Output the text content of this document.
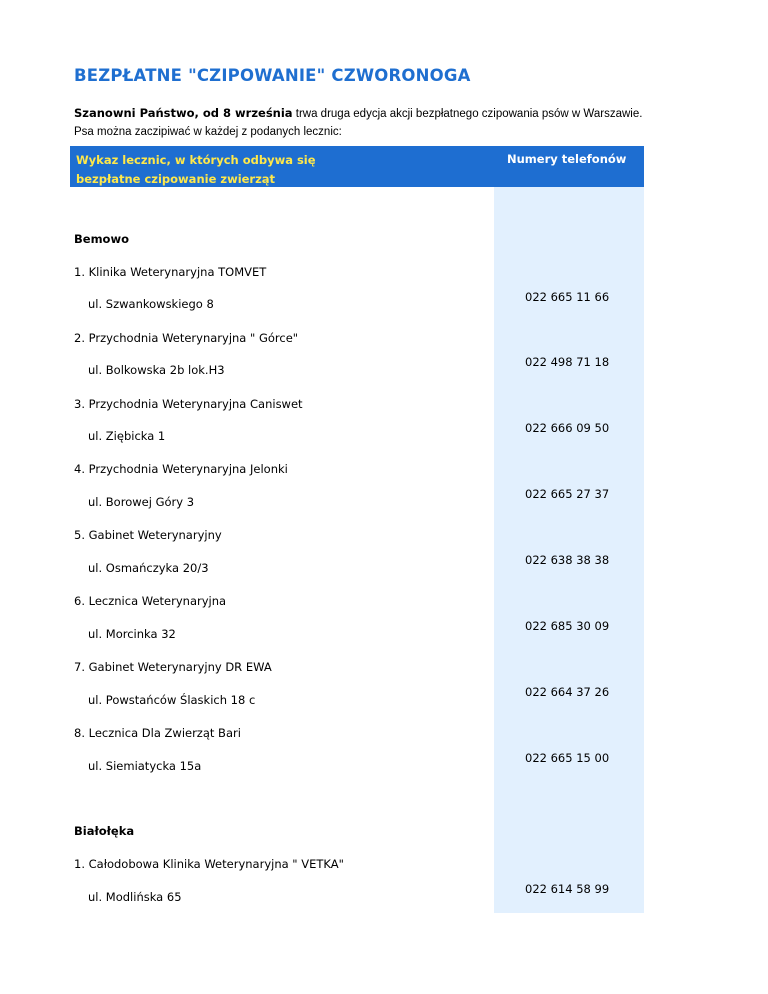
BEZPŁATNE "CZIPOWANIE" CZWORONOGA
Szanowni Państwo, od 8 września trwa druga edycja akcji bezpłatnego czipowania psów w Warszawie.
Psa można zaczipiwać w każdej z podanych lecznic:
Wykaz lecznic, w których odbywa się bezpłatne czipowanie zwierząt
Numery telefonów
Bemowo
1. Klinika Weterynaryjna TOMVET
ul. Szwankowskiego 8	022 665 11 66
2. Przychodnia Weterynaryjna " Górce"
ul. Bolkowska 2b lok.H3
022 498 71 18
3. Przychodnia Weterynaryjna Caniswet
ul. Ziębicka 1
022 666 09 50
4. Przychodnia Weterynaryjna Jelonki
ul. Borowej Góry 3
022 665 27 37
5. Gabinet Weterynaryjny
ul. Osmańczyka 20/3
022 638 38 38
6. Lecznica Weterynaryjna
ul. Morcinka 32
022 685 30 09
7. Gabinet Weterynaryjny DR EWA
ul. Powstańców Ślaskich 18 c
022 664 37 26
8. Lecznica Dla Zwierząt Bari
ul. Siemiatycka 15a
022 665 15 00
Białołęka
1. Całodobowa Klinika Weterynaryjna " VETKA"
ul. Modlińska 65
022 614 58 99
